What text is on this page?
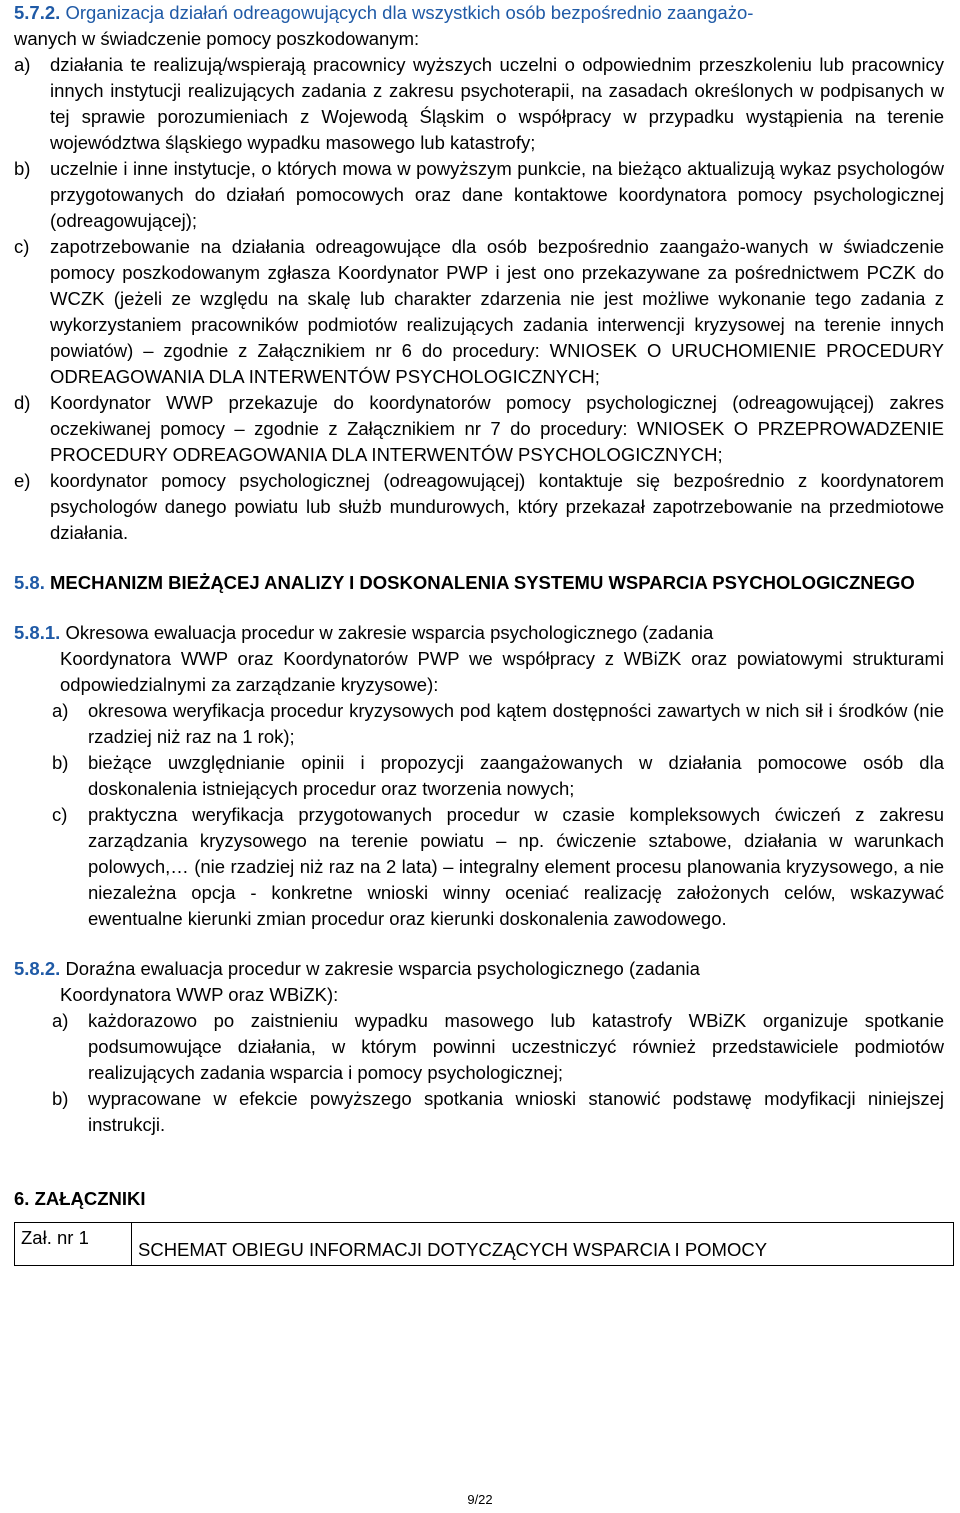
5.7.2. Organizacja działań odreagowujących dla wszystkich osób bezpośrednio zaangażo-
wanych w świadczenie pomocy poszkodowanym:
a)	działania te realizują/wspierają pracownicy wyższych uczelni o odpowiednim przeszkoleniu lub pracownicy innych instytucji realizujących zadania z zakresu psychoterapii, na zasadach określonych w podpisanych w tej sprawie porozumieniach z Wojewodą Śląskim o współpracy w przypadku wystąpienia na terenie województwa śląskiego wypadku masowego lub katastrofy;
b)	uczelnie i inne instytucje, o których mowa w powyższym punkcie, na bieżąco aktualizują wykaz psychologów przygotowanych do działań pomocowych oraz dane kontaktowe koordynatora pomocy psychologicznej (odreagowującej);
c)	zapotrzebowanie na działania odreagowujące dla osób bezpośrednio zaangażo-wanych w świadczenie pomocy poszkodowanym zgłasza Koordynator PWP i jest ono przekazywane za pośrednictwem PCZK do WCZK (jeżeli ze względu na skalę lub charakter zdarzenia nie jest możliwe wykonanie tego zadania z wykorzystaniem pracowników podmiotów realizujących zadania interwencji kryzysowej na terenie innych powiatów) – zgodnie z Załącznikiem nr 6 do procedury: WNIOSEK O URUCHOMIENIE PROCEDURY ODREAGOWANIA DLA INTERWENTÓW PSYCHOLOGICZNYCH;
d)	Koordynator WWP przekazuje do koordynatorów pomocy psychologicznej (odreagowującej) zakres oczekiwanej pomocy – zgodnie z Załącznikiem nr 7 do procedury: WNIOSEK O PRZEPROWADZENIE PROCEDURY ODREAGOWANIA DLA INTERWENTÓW PSYCHOLOGICZNYCH;
e)	koordynator pomocy psychologicznej (odreagowującej) kontaktuje się bezpośrednio z koordynatorem psychologów danego powiatu lub służb mundurowych, który przekazał zapotrzebowanie na przedmiotowe działania.
5.8. MECHANIZM BIEŻĄCEJ ANALIZY I DOSKONALENIA SYSTEMU WSPARCIA PSYCHOLOGICZNEGO
5.8.1. Okresowa ewaluacja procedur w zakresie wsparcia psychologicznego (zadania
Koordynatora WWP oraz Koordynatorów PWP we współpracy z WBiZK oraz powiatowymi strukturami odpowiedzialnymi za zarządzanie kryzysowe):
a)	okresowa weryfikacja procedur kryzysowych pod kątem dostępności zawartych w nich sił i środków (nie rzadziej niż raz na 1 rok);
b)	bieżące uwzględnianie opinii i propozycji zaangażowanych w działania pomocowe osób dla doskonalenia istniejących procedur oraz tworzenia nowych;
c)	praktyczna weryfikacja przygotowanych procedur w czasie kompleksowych ćwiczeń z zakresu zarządzania kryzysowego na terenie powiatu – np. ćwiczenie sztabowe, działania w warunkach polowych,… (nie rzadziej niż raz na 2 lata) – integralny element procesu planowania kryzysowego, a nie niezależna opcja - konkretne wnioski winny oceniać realizację założonych celów, wskazywać ewentualne kierunki zmian procedur oraz kierunki doskonalenia zawodowego.
5.8.2. Doraźna ewaluacja procedur w zakresie wsparcia psychologicznego (zadania
Koordynatora WWP oraz WBiZK):
a)	każdorazowo po zaistnieniu wypadku masowego lub katastrofy WBiZK organizuje spotkanie podsumowujące działania, w którym powinni uczestniczyć również przedstawiciele podmiotów realizujących zadania wsparcia i pomocy psychologicznej;
b)	wypracowane w efekcie powyższego spotkania wnioski stanowić podstawę modyfikacji niniejszej instrukcji.
6. ZAŁĄCZNIKI
Zał. nr 1	SCHEMAT OBIEGU INFORMACJI DOTYCZĄCYCH WSPARCIA I POMOCY
9/22
